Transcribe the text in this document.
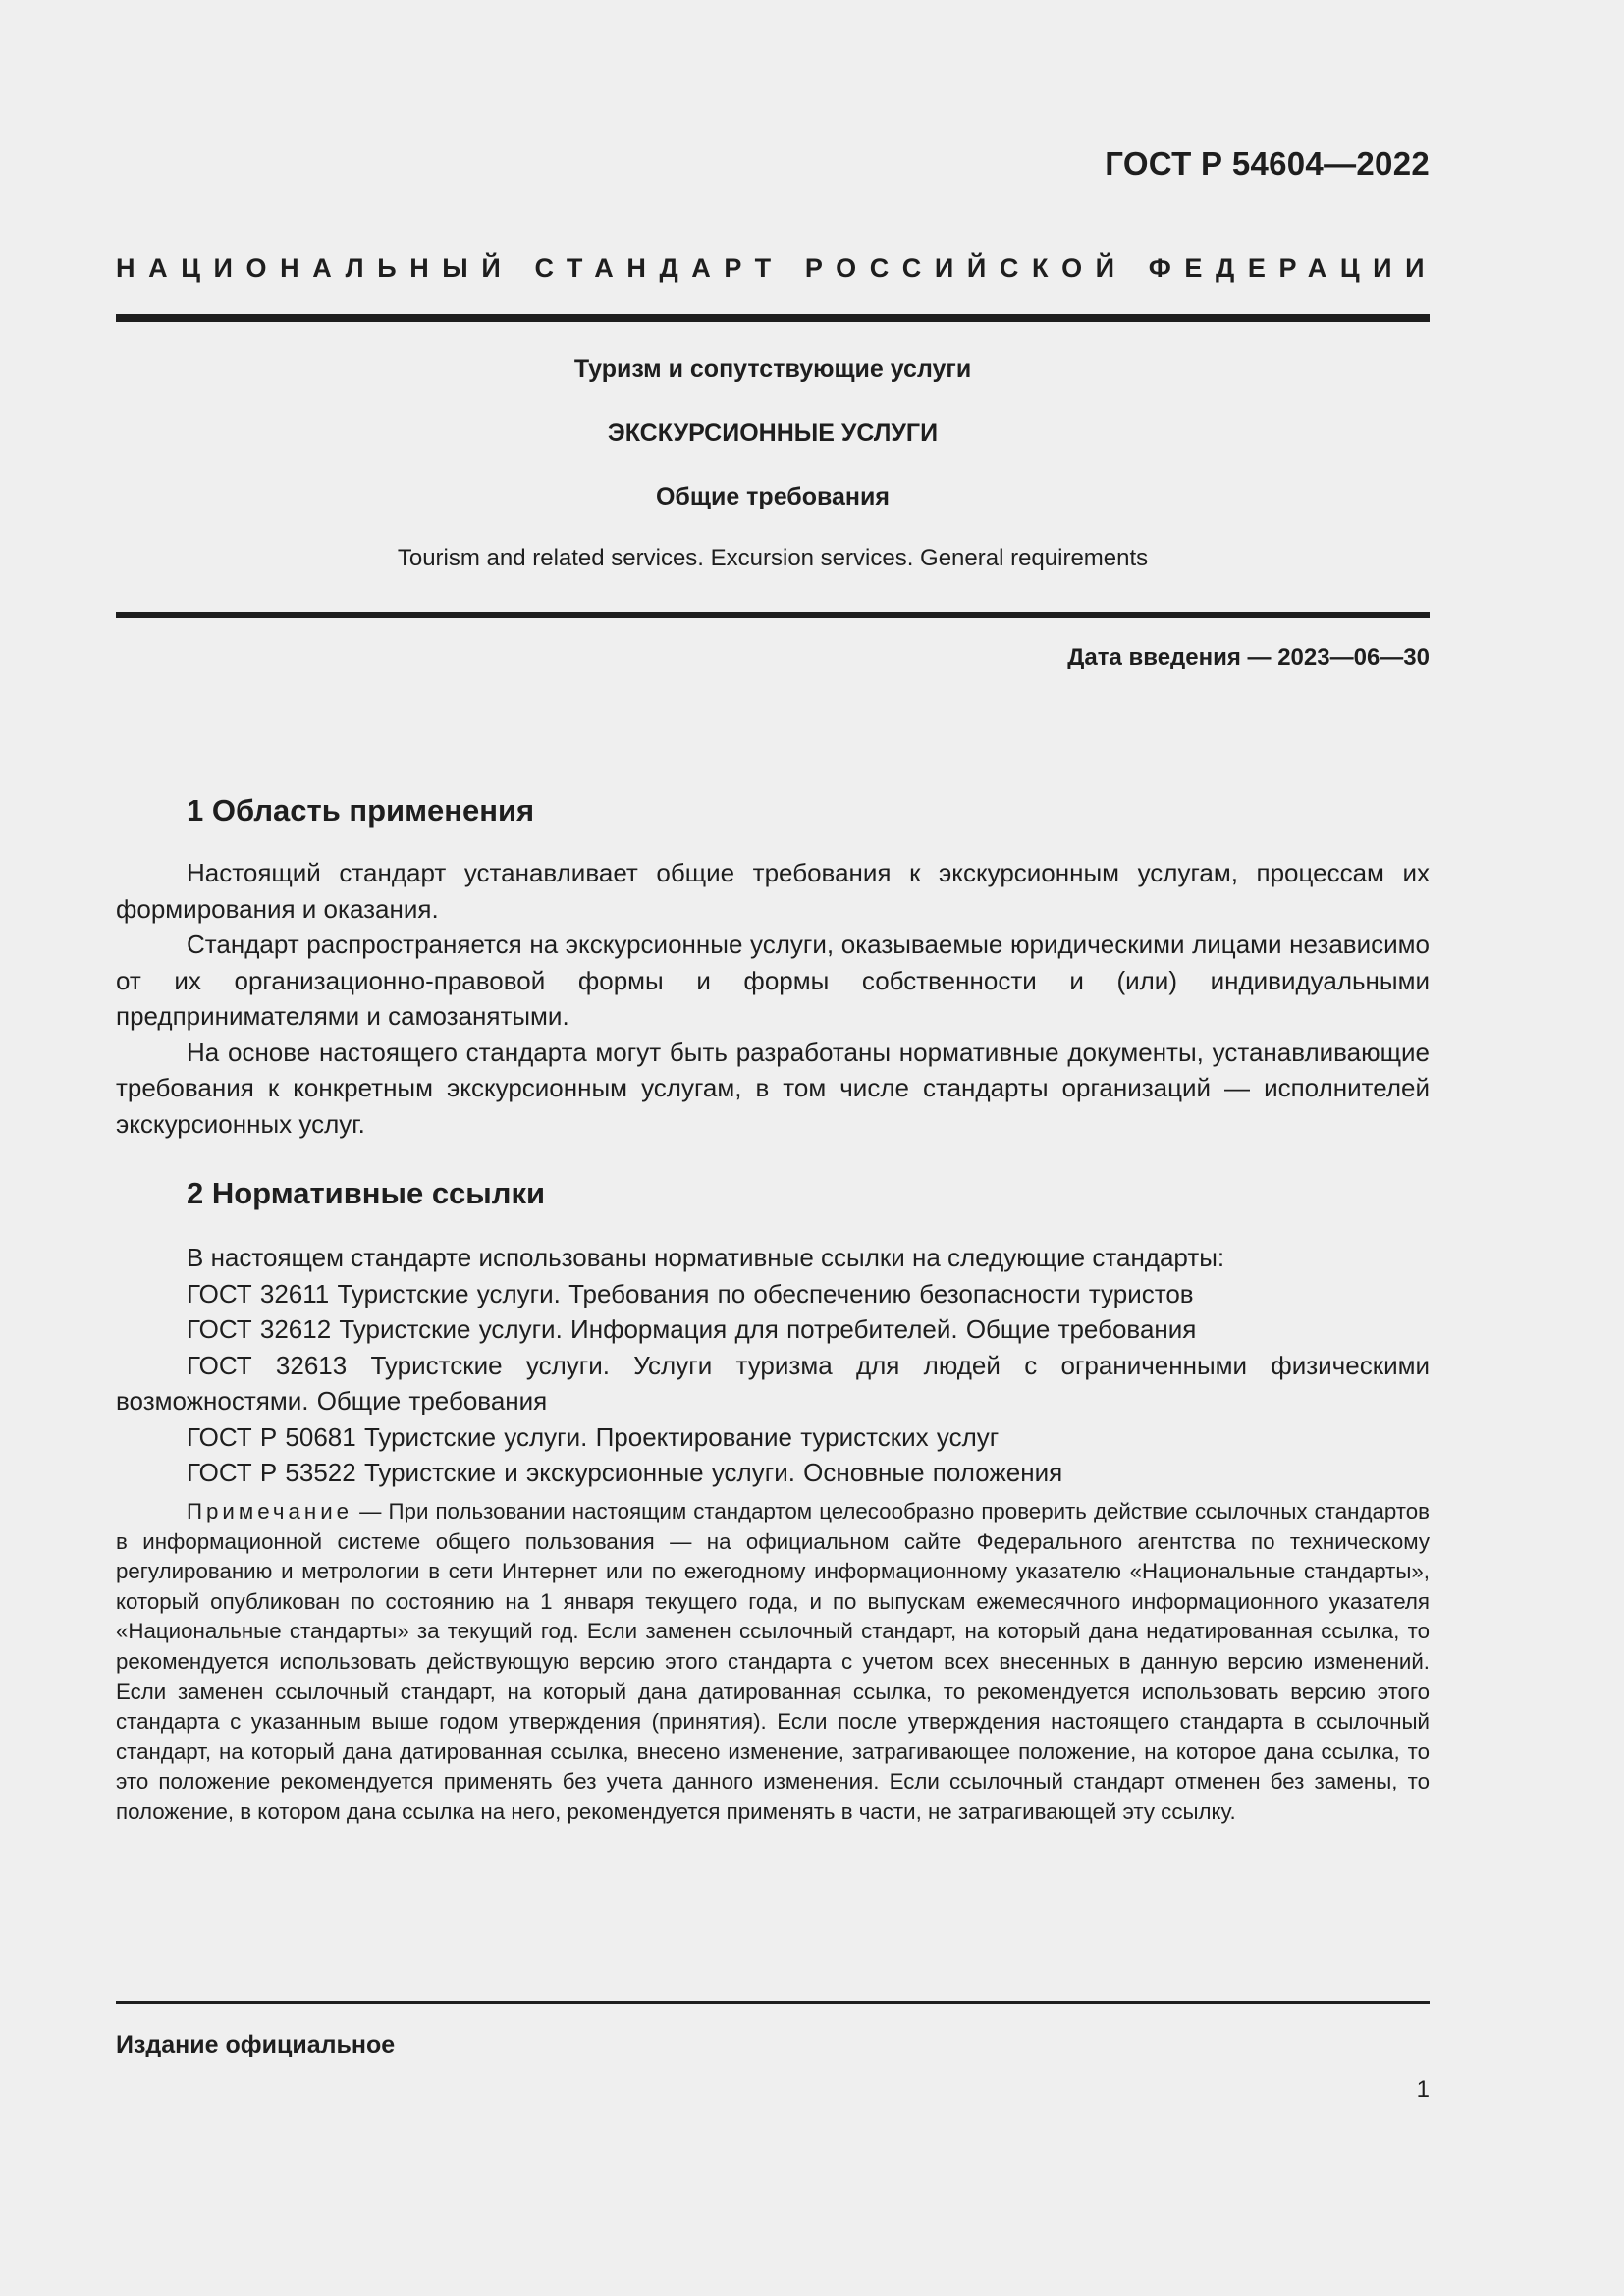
ГОСТ Р 54604—2022
НАЦИОНАЛЬНЫЙ СТАНДАРТ РОССИЙСКОЙ ФЕДЕРАЦИИ
Туризм и сопутствующие услуги
ЭКСКУРСИОННЫЕ УСЛУГИ
Общие требования
Tourism and related services. Excursion services. General requirements
Дата введения — 2023—06—30
1 Область применения

Настоящий стандарт устанавливает общие требования к экскурсионным услугам, процессам их формирования и оказания.

Стандарт распространяется на экскурсионные услуги, оказываемые юридическими лицами независимо от их организационно-правовой формы и формы собственности и (или) индивидуальными предпринимателями и самозанятыми.

На основе настоящего стандарта могут быть разработаны нормативные документы, устанавливающие требования к конкретным экскурсионным услугам, в том числе стандарты организаций — исполнителей экскурсионных услуг.

2 Нормативные ссылки

В настоящем стандарте использованы нормативные ссылки на следующие стандарты:

ГОСТ 32611 Туристские услуги. Требования по обеспечению безопасности туристов
ГОСТ 32612 Туристские услуги. Информация для потребителей. Общие требования
ГОСТ 32613 Туристские услуги. Услуги туризма для людей с ограниченными физическими возможностями. Общие требования
ГОСТ Р 50681 Туристские услуги. Проектирование туристских услуг
ГОСТ Р 53522 Туристские и экскурсионные услуги. Основные положения
Примечание — При пользовании настоящим стандартом целесообразно проверить действие ссылочных стандартов в информационной системе общего пользования — на официальном сайте Федерального агентства по техническому регулированию и метрологии в сети Интернет или по ежегодному информационному указателю «Национальные стандарты», который опубликован по состоянию на 1 января текущего года, и по выпускам ежемесячного информационного указателя «Национальные стандарты» за текущий год. Если заменен ссылочный стандарт, на который дана недатированная ссылка, то рекомендуется использовать действующую версию этого стандарта с учетом всех внесенных в данную версию изменений. Если заменен ссылочный стандарт, на который дана датированная ссылка, то рекомендуется использовать версию этого стандарта с указанным выше годом утверждения (принятия). Если после утверждения настоящего стандарта в ссылочный стандарт, на который дана датированная ссылка, внесено изменение, затрагивающее положение, на которое дана ссылка, то это положение рекомендуется применять без учета данного изменения. Если ссылочный стандарт отменен без замены, то положение, в котором дана ссылка на него, рекомендуется применять в части, не затрагивающей эту ссылку.
Издание официальное
1
